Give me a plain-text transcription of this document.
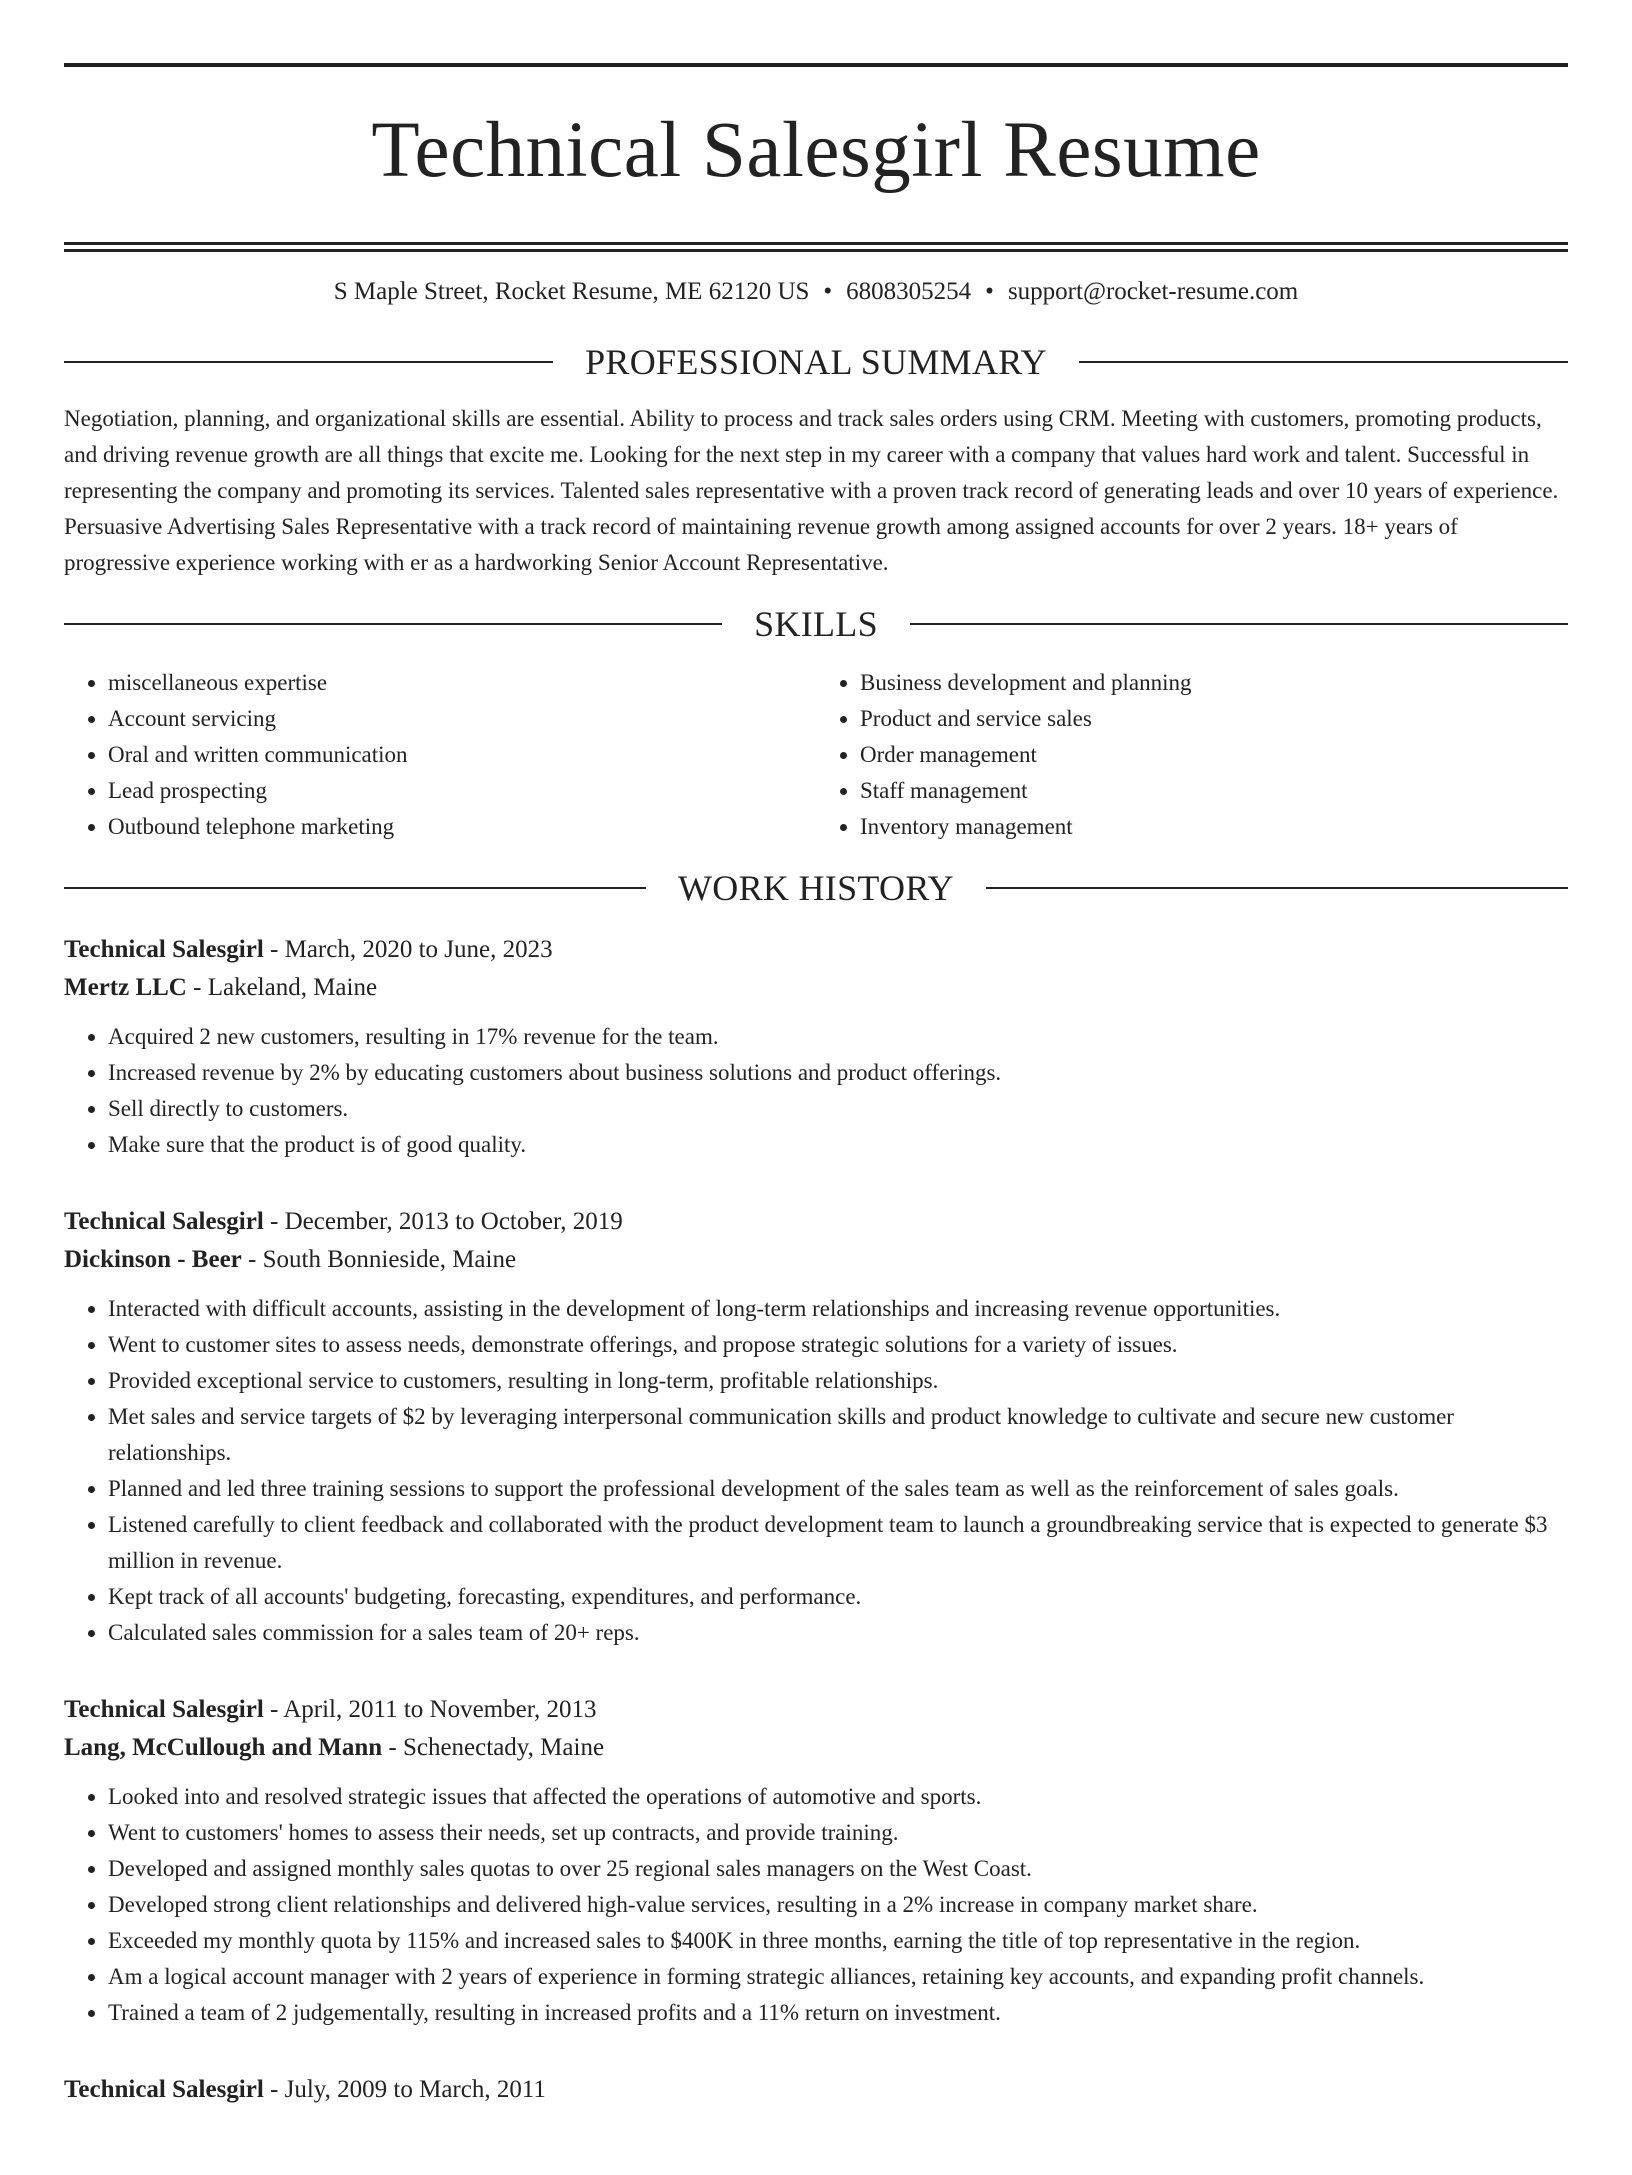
Technical Salesgirl Resume
S Maple Street, Rocket Resume, ME 62120 US • 6808305254 • support@rocket-resume.com
PROFESSIONAL SUMMARY
Negotiation, planning, and organizational skills are essential. Ability to process and track sales orders using CRM. Meeting with customers, promoting products, and driving revenue growth are all things that excite me. Looking for the next step in my career with a company that values hard work and talent. Successful in representing the company and promoting its services. Talented sales representative with a proven track record of generating leads and over 10 years of experience. Persuasive Advertising Sales Representative with a track record of maintaining revenue growth among assigned accounts for over 2 years. 18+ years of progressive experience working with er as a hardworking Senior Account Representative.
SKILLS
• miscellaneous expertise
• Account servicing
• Oral and written communication
• Lead prospecting
• Outbound telephone marketing
• Business development and planning
• Product and service sales
• Order management
• Staff management
• Inventory management
WORK HISTORY
Technical Salesgirl - March, 2020 to June, 2023
Mertz LLC - Lakeland, Maine
• Acquired 2 new customers, resulting in 17% revenue for the team.
• Increased revenue by 2% by educating customers about business solutions and product offerings.
• Sell directly to customers.
• Make sure that the product is of good quality.
Technical Salesgirl - December, 2013 to October, 2019
Dickinson - Beer - South Bonnieside, Maine
• Interacted with difficult accounts, assisting in the development of long-term relationships and increasing revenue opportunities.
• Went to customer sites to assess needs, demonstrate offerings, and propose strategic solutions for a variety of issues.
• Provided exceptional service to customers, resulting in long-term, profitable relationships.
• Met sales and service targets of $2 by leveraging interpersonal communication skills and product knowledge to cultivate and secure new customer relationships.
• Planned and led three training sessions to support the professional development of the sales team as well as the reinforcement of sales goals.
• Listened carefully to client feedback and collaborated with the product development team to launch a groundbreaking service that is expected to generate $3 million in revenue.
• Kept track of all accounts' budgeting, forecasting, expenditures, and performance.
• Calculated sales commission for a sales team of 20+ reps.
Technical Salesgirl - April, 2011 to November, 2013
Lang, McCullough and Mann - Schenectady, Maine
• Looked into and resolved strategic issues that affected the operations of automotive and sports.
• Went to customers' homes to assess their needs, set up contracts, and provide training.
• Developed and assigned monthly sales quotas to over 25 regional sales managers on the West Coast.
• Developed strong client relationships and delivered high-value services, resulting in a 2% increase in company market share.
• Exceeded my monthly quota by 115% and increased sales to $400K in three months, earning the title of top representative in the region.
• Am a logical account manager with 2 years of experience in forming strategic alliances, retaining key accounts, and expanding profit channels.
• Trained a team of 2 judgementally, resulting in increased profits and a 11% return on investment.
Technical Salesgirl - July, 2009 to March, 2011
